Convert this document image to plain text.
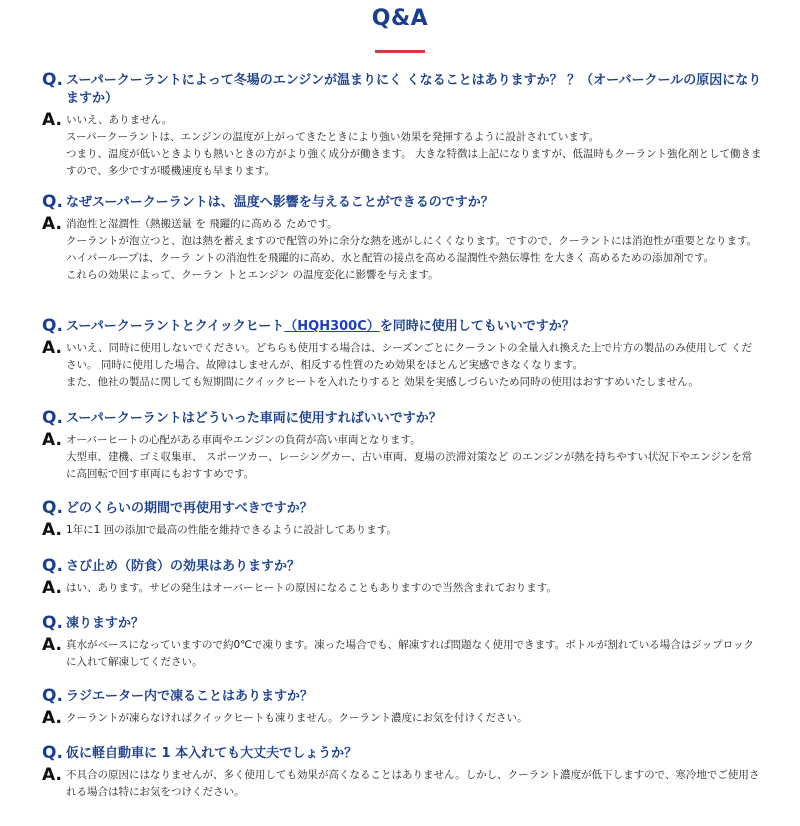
Q&A
Q. スーパークーラントによって冬場のエンジンが温まりにく くなることはありますか？ ？（オーバークールの原因になりますか）
A. いいえ、ありません。
スーパークーラントは、エンジンの温度が上がってきたときにより強い効果を発揮するように設計されています。
つまり、温度が低いときよりも熱いときの方がより強く成分が働きます。 大きな特徴は上記になりますが、低温時もクーラント強化剤として働きますので、多少ですが暖機速度も早まります。
Q. なぜスーパークーラントは、温度へ影響を与えることができるのですか？
A. 消泡性と湿潤性（熱搬送量 を 飛躍的に高める ためです。
クーラントが泡立つと、泡は熱を蓄えますので配管の外に余分な熱を逃がしにくくなります。ですので、クーラントには消泡性が重要となります。ハイパーループは、クーラ ントの消泡性を飛躍的に高め、水と配管の接点を高める湿潤性や熱伝導性 を大きく 高めるための添加剤です。
これらの効果によって、クーラン トとエンジン の温度変化に影響を与えます。
Q. スーパークーラントとクイックヒート（HQH300C）を同時に使用してもいいですか？
A. いいえ、同時に使用しないでください。どちらも使用する場合は、シーズンごとにクーラントの全量入れ換えた上で片方の製品のみ使用して ください。 同時に使用した場合、故障はしませんが、相反する性質のため効果をほとんど実感できなくなります。
また、他社の製品に関しても短期間にクイックヒートを入れたりすると 効果を実感しづらいため同時の使用はおすすめいたしません。
Q. スーパークーラントはどういった車両に使用すればいいですか？
A. オーバーヒートの心配がある車両やエンジンの負荷が高い車両となります。
大型車、建機、ゴミ収集車、 スポーツカー、レーシングカー、古い車両、夏場の渋滞対策など のエンジンが熱を持ちやすい状況下やエンジンを常に高回転で回す車両にもおすすめです。
Q. どのくらいの期間で再使用すべきですか？
A. 1年に1 回の添加で最高の性能を維持できるように設計してあります。
Q. さび止め（防食）の効果はありますか？
A. はい、あります。サビの発生はオーバーヒートの原因になることもありますので当然含まれております。
Q. 凍りますか？
A. 真水がベースになっていますので約0℃で凍ります。凍った場合でも、解凍すれば問題なく使用できます。ボトルが割れている場合はジップロックに入れて解凍してください。
Q. ラジエーター内で凍ることはありますか？
A. クーラントが凍らなければクイックヒートも凍りません。クーラント濃度にお気を付けください。
Q. 仮に軽自動車に 1 本入れても大丈夫でしょうか？
A. 不具合の原因にはなりませんが、多く使用しても効果が高くなることはありません。しかし、クーラント濃度が低下しますので、寒冷地でご使用される場合は特にお気をつけください。
